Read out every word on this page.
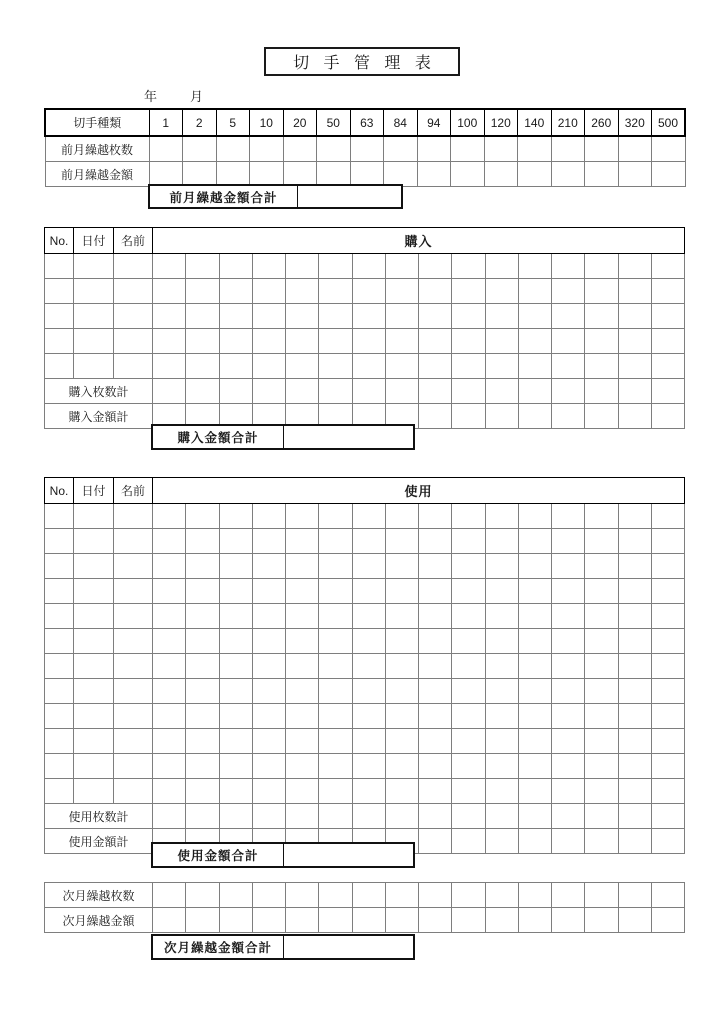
切 手 管 理 表
年	月
切手種類	1	2	5	10	20	50	63	84	94	100	120	140	210	260	320	500
前月繰越枚数																
前月繰越金額																
前月繰越金額合計
No.	日付	名前	購入															

購入枚数計																		
購入金額計																		
購入金額合計
No.	日付	名前	使用															

使用枚数計																		
使用金額計																		
使用金額合計
次月繰越枚数																
次月繰越金額																
次月繰越金額合計
